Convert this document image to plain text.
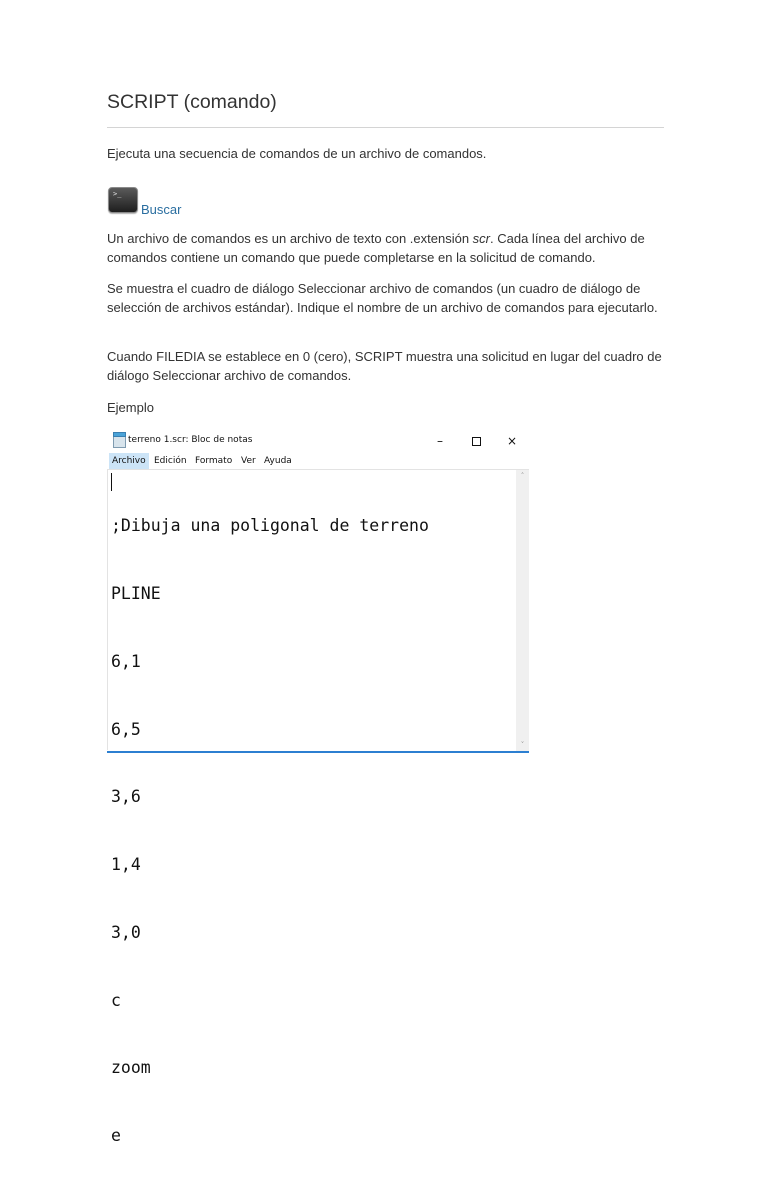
SCRIPT (comando)

Ejecuta una secuencia de comandos de un archivo de comandos.

>_
Buscar

Un archivo de comandos es un archivo de texto con .extensión scr. Cada línea del archivo de comandos contiene un comando que puede completarse en la solicitud de comando.

Se muestra el cuadro de diálogo Seleccionar archivo de comandos (un cuadro de diálogo de selección de archivos estándar). Indique el nombre de un archivo de comandos para ejecutarlo.

Cuando FILEDIA se establece en 0 (cero), SCRIPT muestra una solicitud en lugar del cuadro de diálogo Seleccionar archivo de comandos.

Ejemplo

terreno 1.scr: Bloc de notas	–	×
Archivo Edición Formato Ver Ayuda

;Dibuja una poligonal de terreno

PLINE

6,1

6,5

3,6

1,4

3,0

c

zoom

e

˄
˅
